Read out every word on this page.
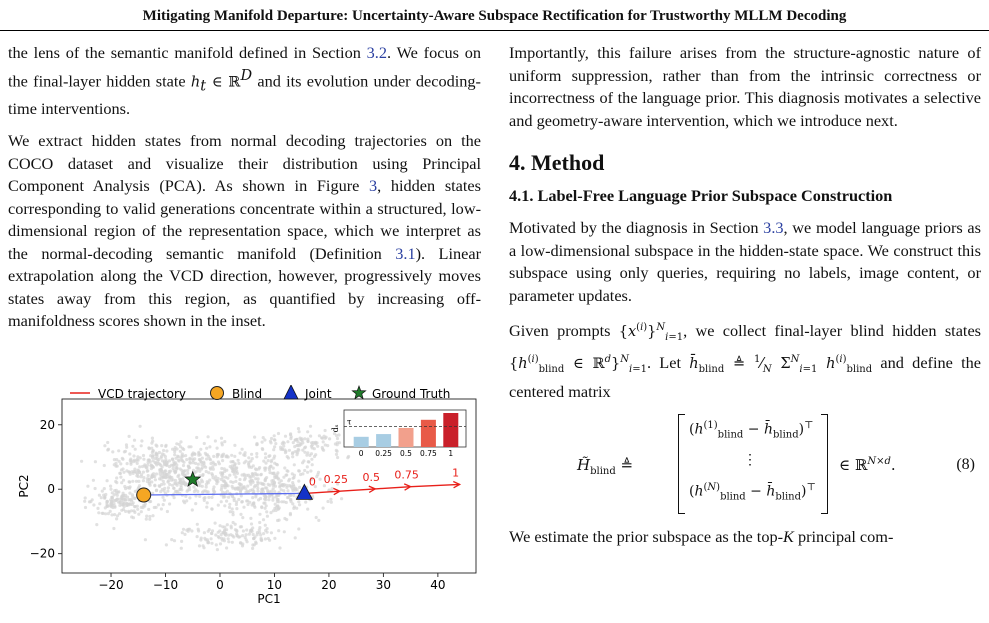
Mitigating Manifold Departure: Uncertainty-Aware Subspace Rectification for Trustworthy MLLM Decoding

the lens of the semantic manifold defined in Section 3.2. We focus on the final-layer hidden state $h_t$ ∈ ℝ$^D$ and its evolution under decoding-time interventions.

We extract hidden states from normal decoding trajectories on the COCO dataset and visualize their distribution using Principal Component Analysis (PCA). As shown in Figure 3, hidden states corresponding to valid generations concentrate within a structured, low-dimensional region of the representation space, which we interpret as the normal-decoding semantic manifold (Definition 3.1). Linear extrapolation along the VCD direction, however, progressively moves states away from this region, as quantified by increasing off-manifoldness scores shown in the inset.

−20 −10	0	10	20	30	40
20
0
−20
PC1
PC2	0 0.25 0.5 0.75	1
VCD trajectory	Blind	Joint	Ground Truth
0 0.25 0.5 0.75 1
τ
dₛ

Importantly, this failure arises from the structure-agnostic nature of uniform suppression, rather than from the intrinsic correctness or incorrectness of the language prior. This diagnosis motivates a selective and geometry-aware intervention, which we introduce next.

4. Method
4.1. Label-Free Language Prior Subspace Construction

Motivated by the diagnosis in Section 3.3, we model language priors as a low-dimensional subspace in the hidden-state space. We construct this subspace using only queries, requiring no labels, image content, or parameter updates.

Given prompts $\{x^{(i)}\}^N_{i=1}$, we collect final-layer blind hidden states {$h^{(i)}_{blind}$ ∈ ℝ$^d$}$^N_{i=1}$. Let $h̄_{blind}$ ≜ $^1⁄_N$ $\Sigma^N_{i=1}$ $h^{(i)}_{blind}$ and define the centered matrix

$H̃_{blind}$ ≜
($h^{(1)}_{blind}$ − $h̄_{blind})^⊤$
⋮
($h^{(N)}_{blind}$ − $h̄_{blind})^⊤$
∈ ℝ$^{N\times d}$.	(8)

We estimate the prior subspace as the top-K principal com-
